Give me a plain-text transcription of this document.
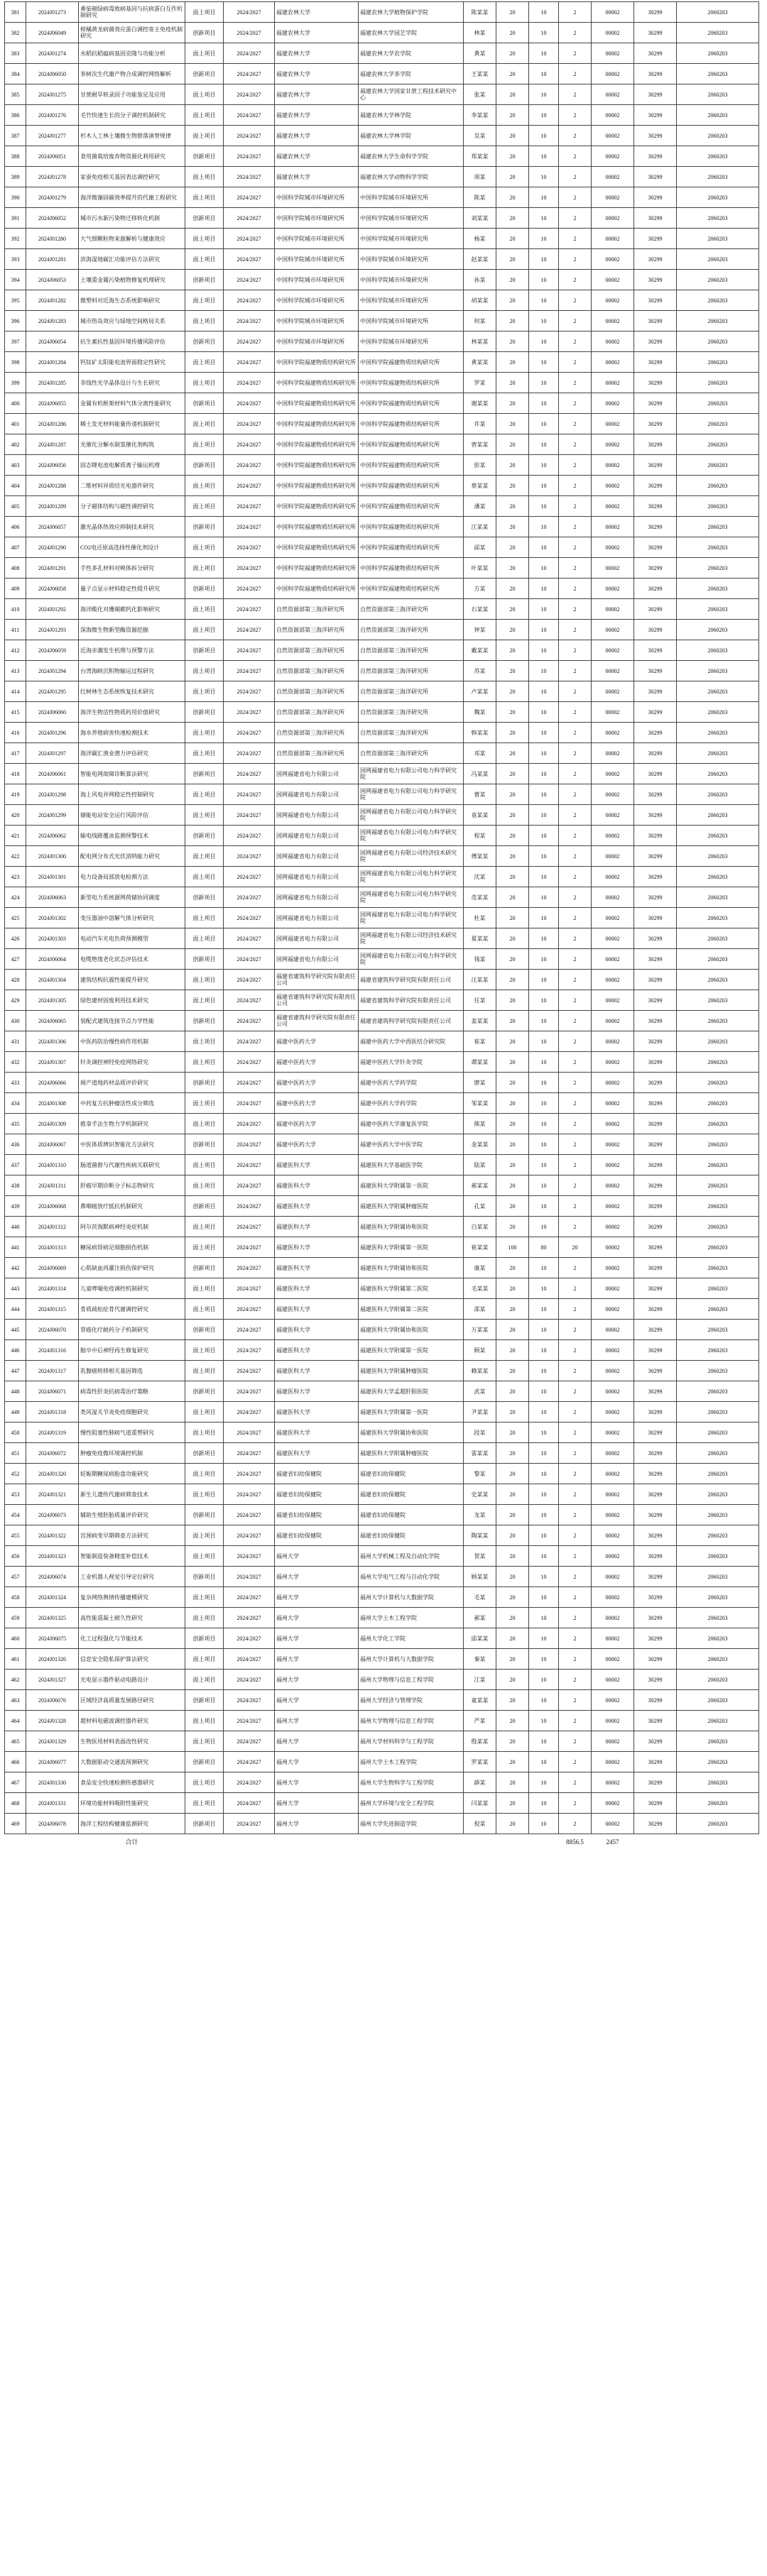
381	2024J01273	番茄褪绿病毒致病基因与抗病蛋白互作机制研究	面上项目	2024/2027	福建农林大学	福建农林大学植物保护学院	陈某某	20	10	2	00002	30299	2060203
382	2024J06049	柑橘黄龙病菌效应蛋白调控寄主免疫机制研究	创新项目	2024/2027	福建农林大学	福建农林大学园艺学院	林某	20	10	2	00002	30299	2060203
383	2024J01274	水稻抗稻瘟病基因克隆与功能分析	面上项目	2024/2027	福建农林大学	福建农林大学农学院	黄某	20	10	2	00002	30299	2060203
384	2024J06050	茶树次生代谢产物合成调控网络解析	创新项目	2024/2027	福建农林大学	福建农林大学茶学院	王某某	20	10	2	00002	30299	2060203
385	2024J01275	甘蔗耐旱转录因子功能鉴定及应用	面上项目	2024/2027	福建农林大学	福建农林大学国家甘蔗工程技术研究中心	张某	20	10	2	00002	30299	2060203
386	2024J01276	毛竹快速生长的分子调控机制研究	面上项目	2024/2027	福建农林大学	福建农林大学林学院	李某某	20	10	2	00002	30299	2060203
387	2024J01277	杉木人工林土壤微生物群落演替规律	面上项目	2024/2027	福建农林大学	福建农林大学林学院	吴某	20	10	2	00002	30299	2060203
388	2024J06051	食用菌栽培废弃物资源化利用研究	创新项目	2024/2027	福建农林大学	福建农林大学生命科学学院	郑某某	20	10	2	00002	30299	2060203
389	2024J01278	家蚕免疫相关基因表达调控研究	面上项目	2024/2027	福建农林大学	福建农林大学动物科学学院	周某	20	10	2	00002	30299	2060203
390	2024J01279	海洋微藻固碳效率提升的代谢工程研究	面上项目	2024/2027	中国科学院城市环境研究所	中国科学院城市环境研究所	陈某	20	10	2	00002	30299	2060203
391	2024J06052	城市污水新污染物迁移转化机制	创新项目	2024/2027	中国科学院城市环境研究所	中国科学院城市环境研究所	刘某某	20	10	2	00002	30299	2060203
392	2024J01280	大气细颗粒物来源解析与健康效应	面上项目	2024/2027	中国科学院城市环境研究所	中国科学院城市环境研究所	杨某	20	10	2	00002	30299	2060203
393	2024J01281	滨海湿地碳汇功能评估方法研究	面上项目	2024/2027	中国科学院城市环境研究所	中国科学院城市环境研究所	赵某某	20	10	2	00002	30299	2060203
394	2024J06053	土壤重金属污染植物修复机理研究	创新项目	2024/2027	中国科学院城市环境研究所	中国科学院城市环境研究所	孙某	20	10	2	00002	30299	2060203
395	2024J01282	微塑料对近海生态系统影响研究	面上项目	2024/2027	中国科学院城市环境研究所	中国科学院城市环境研究所	胡某某	20	10	2	00002	30299	2060203
396	2024J01283	城市热岛效应与绿地空间格局关系	面上项目	2024/2027	中国科学院城市环境研究所	中国科学院城市环境研究所	何某	20	10	2	00002	30299	2060203
397	2024J06054	抗生素抗性基因环境传播风险评估	创新项目	2024/2027	中国科学院城市环境研究所	中国科学院城市环境研究所	林某某	20	10	2	00002	30299	2060203
398	2024J01284	钙钛矿太阳能电池界面稳定性研究	面上项目	2024/2027	中国科学院福建物质结构研究所	中国科学院福建物质结构研究所	黄某某	20	10	2	00002	30299	2060203
399	2024J01285	非线性光学晶体设计与生长研究	面上项目	2024/2027	中国科学院福建物质结构研究所	中国科学院福建物质结构研究所	罗某	20	10	2	00002	30299	2060203
400	2024J06055	金属有机框架材料气体分离性能研究	创新项目	2024/2027	中国科学院福建物质结构研究所	中国科学院福建物质结构研究所	谢某某	20	10	2	00002	30299	2060203
401	2024J01286	稀土发光材料能量传递机制研究	面上项目	2024/2027	中国科学院福建物质结构研究所	中国科学院福建物质结构研究所	许某	20	10	2	00002	30299	2060203
402	2024J01287	光催化分解水制氢催化剂构筑	面上项目	2024/2027	中国科学院福建物质结构研究所	中国科学院福建物质结构研究所	曾某某	20	10	2	00002	30299	2060203
403	2024J06056	固态锂电池电解质离子输运机理	创新项目	2024/2027	中国科学院福建物质结构研究所	中国科学院福建物质结构研究所	彭某	20	10	2	00002	30299	2060203
404	2024J01288	二维材料异质结光电器件研究	面上项目	2024/2027	中国科学院福建物质结构研究所	中国科学院福建物质结构研究所	蔡某某	20	10	2	00002	30299	2060203
405	2024J01289	分子磁体结构与磁性调控研究	面上项目	2024/2027	中国科学院福建物质结构研究所	中国科学院福建物质结构研究所	潘某	20	10	2	00002	30299	2060203
406	2024J06057	激光晶体热效应抑制技术研究	创新项目	2024/2027	中国科学院福建物质结构研究所	中国科学院福建物质结构研究所	江某某	20	10	2	00002	30299	2060203
407	2024J01290	CO2电还原高选择性催化剂设计	面上项目	2024/2027	中国科学院福建物质结构研究所	中国科学院福建物质结构研究所	邱某	20	10	2	00002	30299	2060203
408	2024J01291	手性多孔材料对映体拆分研究	面上项目	2024/2027	中国科学院福建物质结构研究所	中国科学院福建物质结构研究所	叶某某	20	10	2	00002	30299	2060203
409	2024J06058	量子点显示材料稳定性提升研究	创新项目	2024/2027	中国科学院福建物质结构研究所	中国科学院福建物质结构研究所	方某	20	10	2	00002	30299	2060203
410	2024J01292	海洋酸化对珊瑚礁钙化影响研究	面上项目	2024/2027	自然资源部第三海洋研究所	自然资源部第三海洋研究所	石某某	20	10	2	00002	30299	2060203
411	2024J01293	深海微生物新型酶资源挖掘	面上项目	2024/2027	自然资源部第三海洋研究所	自然资源部第三海洋研究所	钟某	20	10	2	00002	30299	2060203
412	2024J06059	近海赤潮发生机理与预警方法	创新项目	2024/2027	自然资源部第三海洋研究所	自然资源部第三海洋研究所	戴某某	20	10	2	00002	30299	2060203
413	2024J01294	台湾海峡沉积物输运过程研究	面上项目	2024/2027	自然资源部第三海洋研究所	自然资源部第三海洋研究所	苏某	20	10	2	00002	30299	2060203
414	2024J01295	红树林生态系统恢复技术研究	面上项目	2024/2027	自然资源部第三海洋研究所	自然资源部第三海洋研究所	卢某某	20	10	2	00002	30299	2060203
415	2024J06060	海洋生物活性物质药用价值研究	创新项目	2024/2027	自然资源部第三海洋研究所	自然资源部第三海洋研究所	魏某	20	10	2	00002	30299	2060203
416	2024J01296	海水养殖病害快速检测技术	面上项目	2024/2027	自然资源部第三海洋研究所	自然资源部第三海洋研究所	韩某某	20	10	2	00002	30299	2060203
417	2024J01297	海洋碳汇渔业潜力评估研究	面上项目	2024/2027	自然资源部第三海洋研究所	自然资源部第三海洋研究所	邓某	20	10	2	00002	30299	2060203
418	2024J06061	智能电网故障诊断算法研究	创新项目	2024/2027	国网福建省电力有限公司	国网福建省电力有限公司电力科学研究院	冯某某	20	10	2	00002	30299	2060203
419	2024J01298	海上风电并网稳定性控制研究	面上项目	2024/2027	国网福建省电力有限公司	国网福建省电力有限公司电力科学研究院	曹某	20	10	2	00002	30299	2060203
420	2024J01299	储能电站安全运行风险评估	面上项目	2024/2027	国网福建省电力有限公司	国网福建省电力有限公司电力科学研究院	袁某某	20	10	2	00002	30299	2060203
421	2024J06062	输电线路覆冰监测预警技术	创新项目	2024/2027	国网福建省电力有限公司	国网福建省电力有限公司电力科学研究院	程某	20	10	2	00002	30299	2060203
422	2024J01300	配电网分布式光伏消纳能力研究	面上项目	2024/2027	国网福建省电力有限公司	国网福建省电力有限公司经济技术研究院	傅某某	20	10	2	00002	30299	2060203
423	2024J01301	电力设备局部放电检测方法	面上项目	2024/2027	国网福建省电力有限公司	国网福建省电力有限公司电力科学研究院	沈某	20	10	2	00002	30299	2060203
424	2024J06063	新型电力系统源网荷储协同调度	创新项目	2024/2027	国网福建省电力有限公司	国网福建省电力有限公司电力科学研究院	范某某	20	10	2	00002	30299	2060203
425	2024J01302	变压器油中溶解气体分析研究	面上项目	2024/2027	国网福建省电力有限公司	国网福建省电力有限公司电力科学研究院	杜某	20	10	2	00002	30299	2060203
426	2024J01303	电动汽车充电负荷预测模型	面上项目	2024/2027	国网福建省电力有限公司	国网福建省电力有限公司经济技术研究院	夏某某	20	10	2	00002	30299	2060203
427	2024J06064	电缆绝缘老化状态评估技术	创新项目	2024/2027	国网福建省电力有限公司	国网福建省电力有限公司电力科学研究院	钱某	20	10	2	00002	30299	2060203
428	2024J01304	建筑结构抗震性能提升研究	面上项目	2024/2027	福建省建筑科学研究院有限责任公司	福建省建筑科学研究院有限责任公司	汪某某	20	10	2	00002	30299	2060203
429	2024J01305	绿色建材固废利用技术研究	面上项目	2024/2027	福建省建筑科学研究院有限责任公司	福建省建筑科学研究院有限责任公司	任某	20	10	2	00002	30299	2060203
430	2024J06065	装配式建筑连接节点力学性能	创新项目	2024/2027	福建省建筑科学研究院有限责任公司	福建省建筑科学研究院有限责任公司	姜某某	20	10	2	00002	30299	2060203
431	2024J01306	中医药防治慢性病作用机制	面上项目	2024/2027	福建中医药大学	福建中医药大学中西医结合研究院	崔某	20	10	2	00002	30299	2060203
432	2024J01307	针灸调控神经免疫网络研究	面上项目	2024/2027	福建中医药大学	福建中医药大学针灸学院	谭某某	20	10	2	00002	30299	2060203
433	2024J06066	闽产道地药材品质评价研究	创新项目	2024/2027	福建中医药大学	福建中医药大学药学院	廖某	20	10	2	00002	30299	2060203
434	2024J01308	中药复方抗肿瘤活性成分筛选	面上项目	2024/2027	福建中医药大学	福建中医药大学药学院	邹某某	20	10	2	00002	30299	2060203
435	2024J01309	推拿手法生物力学机制研究	面上项目	2024/2027	福建中医药大学	福建中医药大学康复医学院	熊某	20	10	2	00002	30299	2060203
436	2024J06067	中医体质辨识智能化方法研究	创新项目	2024/2027	福建中医药大学	福建中医药大学中医学院	金某某	20	10	2	00002	30299	2060203
437	2024J01310	肠道菌群与代谢性疾病关联研究	面上项目	2024/2027	福建医科大学	福建医科大学基础医学院	陆某	20	10	2	00002	30299	2060203
438	2024J01311	肝癌早期诊断分子标志物研究	面上项目	2024/2027	福建医科大学	福建医科大学附属第一医院	郝某某	20	10	2	00002	30299	2060203
439	2024J06068	鼻咽癌放疗抵抗机制研究	创新项目	2024/2027	福建医科大学	福建医科大学附属肿瘤医院	孔某	20	10	2	00002	30299	2060203
440	2024J01312	阿尔茨海默病神经炎症机制	面上项目	2024/2027	福建医科大学	福建医科大学附属协和医院	白某某	20	10	2	00002	30299	2060203
441	2024J01313	糖尿病肾病足细胞损伤机制	面上项目	2024/2027	福建医科大学	福建医科大学附属第一医院	崔某某	100	80	20	00002	30299	2060203
442	2024J06069	心肌缺血再灌注损伤保护研究	创新项目	2024/2027	福建医科大学	福建医科大学附属协和医院	康某	20	10	2	00002	30299	2060203
443	2024J01314	儿童哮喘免疫调控机制研究	面上项目	2024/2027	福建医科大学	福建医科大学附属第二医院	毛某某	20	10	2	00002	30299	2060203
444	2024J01315	骨质疏松症骨代谢调控研究	面上项目	2024/2027	福建医科大学	福建医科大学附属第二医院	邵某	20	10	2	00002	30299	2060203
445	2024J06070	胃癌化疗耐药分子机制研究	创新项目	2024/2027	福建医科大学	福建医科大学附属协和医院	万某某	20	10	2	00002	30299	2060203
446	2024J01316	脑卒中后神经再生修复研究	面上项目	2024/2027	福建医科大学	福建医科大学附属第一医院	顾某	20	10	2	00002	30299	2060203
447	2024J01317	乳腺癌转移相关基因筛选	面上项目	2024/2027	福建医科大学	福建医科大学附属肿瘤医院	赖某某	20	10	2	00002	30299	2060203
448	2024J06071	病毒性肝炎抗病毒治疗策略	创新项目	2024/2027	福建医科大学	福建医科大学孟超肝胆医院	武某	20	10	2	00002	30299	2060203
449	2024J01318	类风湿关节炎免疫细胞研究	面上项目	2024/2027	福建医科大学	福建医科大学附属第一医院	尹某某	20	10	2	00002	30299	2060203
450	2024J01319	慢性阻塞性肺病气道重塑研究	面上项目	2024/2027	福建医科大学	福建医科大学附属协和医院	段某	20	10	2	00002	30299	2060203
451	2024J06072	肿瘤免疫微环境调控机制	创新项目	2024/2027	福建医科大学	福建医科大学附属肿瘤医院	雷某某	20	10	2	00002	30299	2060203
452	2024J01320	妊娠期糖尿病胎盘功能研究	面上项目	2024/2027	福建省妇幼保健院	福建省妇幼保健院	黎某	20	10	2	00002	30299	2060203
453	2024J01321	新生儿遗传代谢病筛查技术	面上项目	2024/2027	福建省妇幼保健院	福建省妇幼保健院	史某某	20	10	2	00002	30299	2060203
454	2024J06073	辅助生殖胚胎质量评价研究	创新项目	2024/2027	福建省妇幼保健院	福建省妇幼保健院	龙某	20	10	2	00002	30299	2060203
455	2024J01322	宫颈病变早期筛查方法研究	面上项目	2024/2027	福建省妇幼保健院	福建省妇幼保健院	陶某某	20	10	2	00002	30299	2060203
456	2024J01323	智能制造装备精度补偿技术	面上项目	2024/2027	福州大学	福州大学机械工程及自动化学院	贺某	20	10	2	00002	30299	2060203
457	2024J06074	工业机器人视觉引导定位研究	创新项目	2024/2027	福州大学	福州大学电气工程与自动化学院	顾某某	20	10	2	00002	30299	2060203
458	2024J01324	复杂网络舆情传播建模研究	面上项目	2024/2027	福州大学	福州大学计算机与大数据学院	毛某	20	10	2	00002	30299	2060203
459	2024J01325	高性能混凝土耐久性研究	面上项目	2024/2027	福州大学	福州大学土木工程学院	郝某	20	10	2	00002	30299	2060203
460	2024J06075	化工过程强化与节能技术	创新项目	2024/2027	福州大学	福州大学化工学院	邱某某	20	10	2	00002	30299	2060203
461	2024J01326	信息安全隐私保护算法研究	面上项目	2024/2027	福州大学	福州大学计算机与大数据学院	秦某	20	10	2	00002	30299	2060203
462	2024J01327	光电显示器件驱动电路设计	面上项目	2024/2027	福州大学	福州大学物理与信息工程学院	江某	20	10	2	00002	30299	2060203
463	2024J06076	区域经济高质量发展路径研究	创新项目	2024/2027	福州大学	福州大学经济与管理学院	童某某	20	10	2	00002	30299	2060203
464	2024J01328	超材料电磁波调控器件研究	面上项目	2024/2027	福州大学	福州大学物理与信息工程学院	严某	20	10	2	00002	30299	2060203
465	2024J01329	生物医用材料表面改性研究	面上项目	2024/2027	福州大学	福州大学材料科学与工程学院	殷某某	20	10	2	00002	30299	2060203
466	2024J06077	大数据驱动交通流预测研究	创新项目	2024/2027	福州大学	福州大学土木工程学院	罗某某	20	10	2	00002	30299	2060203
467	2024J01330	食品安全快速检测传感器研究	面上项目	2024/2027	福州大学	福州大学生物科学与工程学院	薛某	20	10	2	00002	30299	2060203
468	2024J01331	环境功能材料吸附性能研究	面上项目	2024/2027	福州大学	福州大学环境与安全工程学院	闫某某	20	10	2	00002	30299	2060203
469	2024J06078	海洋工程结构健康监测研究	创新项目	2024/2027	福州大学	福州大学先进制造学院	倪某	20	10	2	00002	30299	2060203
		合计								8856.5	2457		
